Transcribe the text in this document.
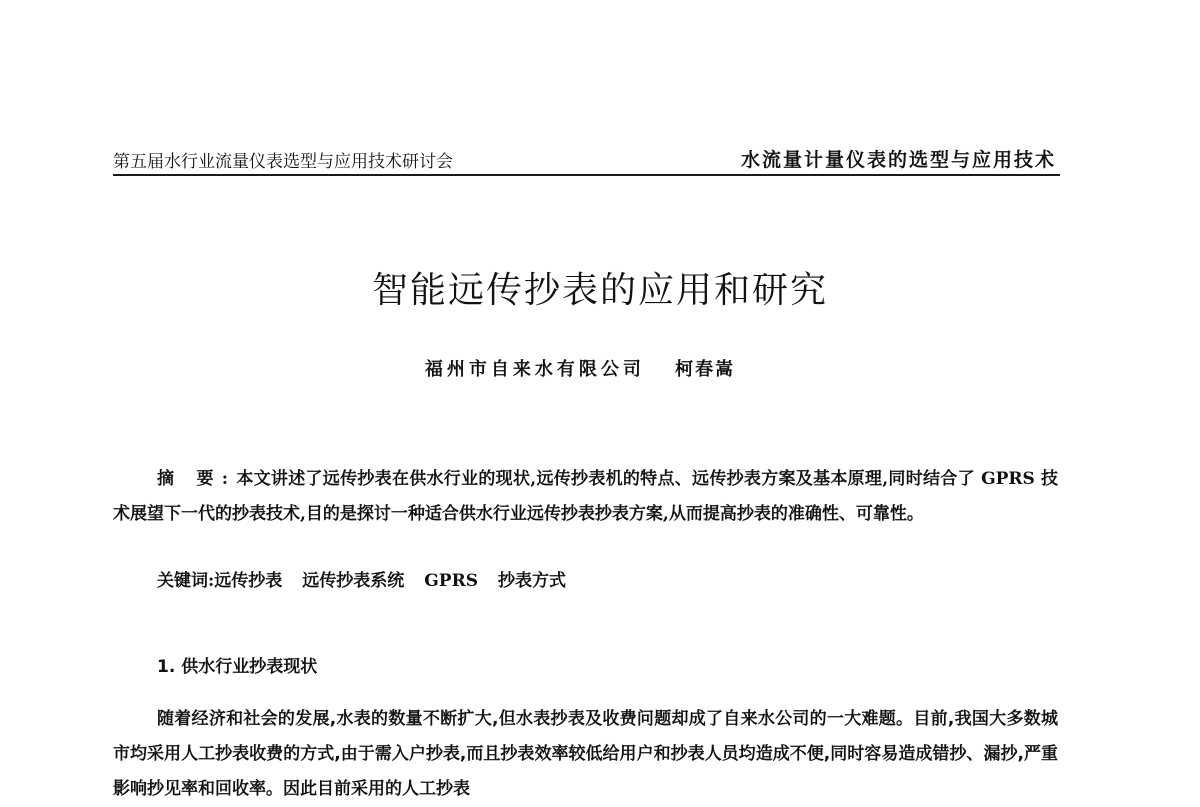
第五届水行业流量仪表选型与应用技术研讨会	水流量计量仪表的选型与应用技术
智能远传抄表的应用和研究
福州市自来水有限公司 柯春嵩
摘 要:本文讲述了远传抄表在供水行业的现状,远传抄表机的特点、远传抄表方案及基本原理,同时结合了 GPRS 技术展望下一代的抄表技术,目的是探讨一种适合供水行业远传抄表抄表方案,从而提高抄表的准确性、可靠性。
关键词:远传抄表 远传抄表系统 GPRS 抄表方式
1. 供水行业抄表现状
随着经济和社会的发展,水表的数量不断扩大,但水表抄表及收费问题却成了自来水公司的一大难题。目前,我国大多数城市均采用人工抄表收费的方式,由于需入户抄表,而且抄表效率较低给用户和抄表人员均造成不便,同时容易造成错抄、漏抄,严重影响抄见率和回收率。因此目前采用的人工抄表
